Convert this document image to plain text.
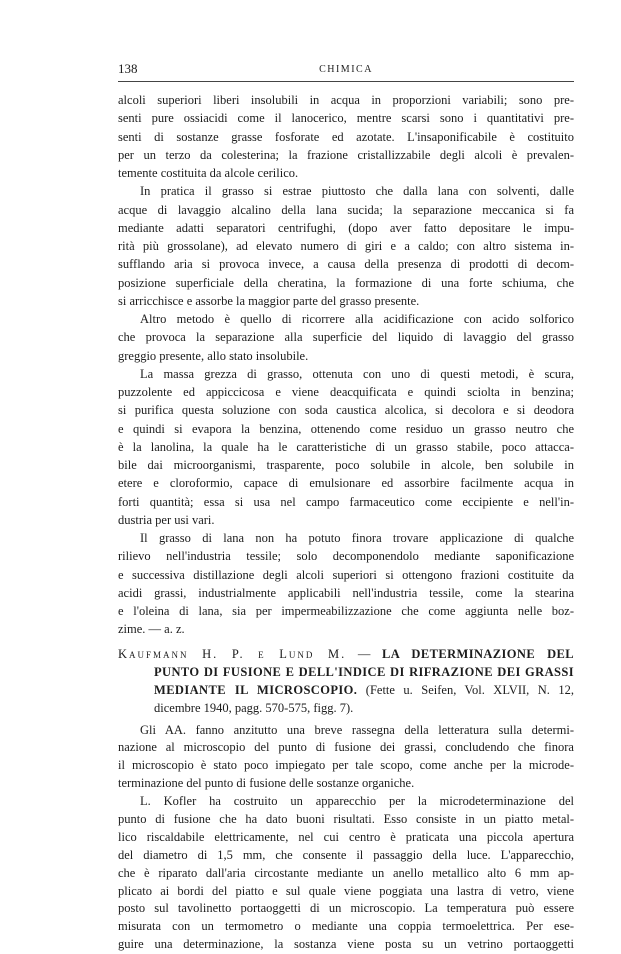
138	CHIMICA

alcoli superiori liberi insolubili in acqua in proporzioni variabili; sono pre-

senti pure ossiacidi come il lanocerico, mentre scarsi sono i quantitativi pre-

senti di sostanze grasse fosforate ed azotate. L'insaponificabile è costituito

per un terzo da colesterina; la frazione cristallizzabile degli alcoli è prevalen-

temente costituita da alcole cerilico.

In pratica il grasso si estrae piuttosto che dalla lana con solventi, dalle

acque di lavaggio alcalino della lana sucida; la separazione meccanica si fa

mediante adatti separatori centrifughi, (dopo aver fatto depositare le impu-

rità più grossolane), ad elevato numero di giri e a caldo; con altro sistema in-

sufflando aria si provoca invece, a causa della presenza di prodotti di decom-

posizione superficiale della cheratina, la formazione di una forte schiuma, che

si arricchisce e assorbe la maggior parte del grasso presente.

Altro metodo è quello di ricorrere alla acidificazione con acido solforico

che provoca la separazione alla superficie del liquido di lavaggio del grasso

greggio presente, allo stato insolubile.

La massa grezza di grasso, ottenuta con uno di questi metodi, è scura,

puzzolente ed appiccicosa e viene deacquificata e quindi sciolta in benzina;

si purifica questa soluzione con soda caustica alcolica, si decolora e si deodora

e quindi si evapora la benzina, ottenendo come residuo un grasso neutro che

è la lanolina, la quale ha le caratteristiche di un grasso stabile, poco attacca-

bile dai microorganismi, trasparente, poco solubile in alcole, ben solubile in

etere e cloroformio, capace di emulsionare ed assorbire facilmente acqua in

forti quantità; essa si usa nel campo farmaceutico come eccipiente e nell'in-

dustria per usi vari.

Il grasso di lana non ha potuto finora trovare applicazione di qualche

rilievo nell'industria tessile; solo decomponendolo mediante saponificazione

e successiva distillazione degli alcoli superiori si ottengono frazioni costituite da

acidi grassi, industrialmente applicabili nell'industria tessile, come la stearina

e l'oleina di lana, sia per impermeabilizzazione che come aggiunta nelle boz-

zime. — a. z.

Kaufmann H. P. e Lund M. — LA DETERMINAZIONE DEL

PUNTO DI FUSIONE E DELL'INDICE DI RIFRAZIONE DEI GRASSI

MEDIANTE IL MICROSCOPIO. (Fette u. Seifen, Vol. XLVII, N. 12,

dicembre 1940, pagg. 570-575, figg. 7).

Gli AA. fanno anzitutto una breve rassegna della letteratura sulla determi-

nazione al microscopio del punto di fusione dei grassi, concludendo che finora

il microscopio è stato poco impiegato per tale scopo, come anche per la microde-

terminazione del punto di fusione delle sostanze organiche.

L. Kofler ha costruito un apparecchio per la microdeterminazione del

punto di fusione che ha dato buoni risultati. Esso consiste in un piatto metal-

lico riscaldabile elettricamente, nel cui centro è praticata una piccola apertura

del diametro di 1,5 mm, che consente il passaggio della luce. L'apparecchio,

che è riparato dall'aria circostante mediante un anello metallico alto 6 mm ap-

plicato ai bordi del piatto e sul quale viene poggiata una lastra di vetro, viene

posto sul tavolinetto portaoggetti di un microscopio. La temperatura può essere

misurata con un termometro o mediante una coppia termoelettrica. Per ese-

guire una determinazione, la sostanza viene posta su un vetrino portaoggetti
